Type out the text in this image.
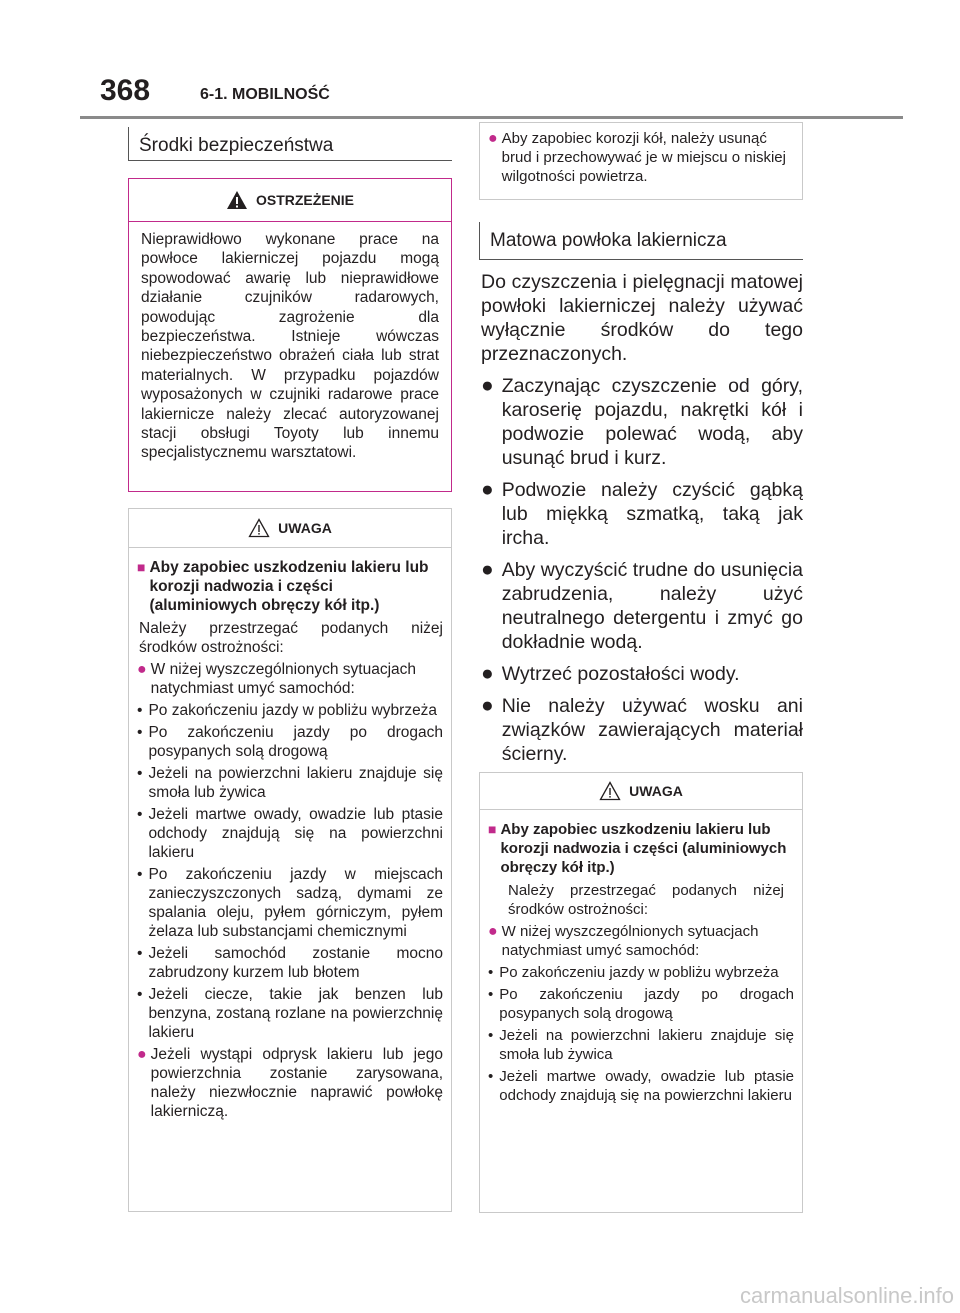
368	6-1. MOBILNOŚĆ
Środki bezpieczeństwa
OSTRZEŻENIE
Nieprawidłowo wykonane prace na powłoce lakierniczej pojazdu mogą spowodować awarię lub nieprawidłowe działanie czujników radarowych, powodując zagrożenie dla bezpieczeństwa. Istnieje wówczas niebezpieczeństwo obrażeń ciała lub strat materialnych. W przypadku pojazdów wyposażonych w czujniki radarowe prace lakiernicze należy zlecać autoryzowanej stacji obsługi Toyoty lub innemu specjalistycznemu warsztatowi.
UWAGA
■ Aby zapobiec uszkodzeniu lakieru lub korozji nadwozia i części (aluminiowych obręczy kół itp.)
Należy przestrzegać podanych niżej środków ostrożności:
● W niżej wyszczególnionych sytuacjach natychmiast umyć samochód:
• Po zakończeniu jazdy w pobliżu wybrzeża
• Po zakończeniu jazdy po drogach posypanych solą drogową
• Jeżeli na powierzchni lakieru znajduje się smoła lub żywica
• Jeżeli martwe owady, owadzie lub ptasie odchody znajdują się na powierzchni lakieru
• Po zakończeniu jazdy w miejscach zanieczyszczonych sadzą, dymami ze spalania oleju, pyłem górniczym, pyłem żelaza lub substancjami chemicznymi
• Jeżeli samochód zostanie mocno zabrudzony kurzem lub błotem
• Jeżeli ciecze, takie jak benzen lub benzyna, zostaną rozlane na powierzchnię lakieru
● Jeżeli wystąpi odprysk lakieru lub jego powierzchnia zostanie zarysowana, należy niezwłocznie naprawić powłokę lakierniczą.
● Aby zapobiec korozji kół, należy usunąć brud i przechowywać je w miejscu o niskiej wilgotności powietrza.
Matowa powłoka lakiernicza
Do czyszczenia i pielęgnacji matowej powłoki lakierniczej należy używać wyłącznie środków do tego przeznaczonych.
● Zaczynając czyszczenie od góry, karoserię pojazdu, nakrętki kół i podwozie polewać wodą, aby usunąć brud i kurz.
● Podwozie należy czyścić gąbką lub miękką szmatką, taką jak ircha.
● Aby wyczyścić trudne do usunięcia zabrudzenia, należy użyć neutralnego detergentu i zmyć go dokładnie wodą.
● Wytrzeć pozostałości wody.
● Nie należy używać wosku ani związków zawierających materiał ścierny.
UWAGA
■ Aby zapobiec uszkodzeniu lakieru lub korozji nadwozia i części (aluminiowych obręczy kół itp.)
Należy przestrzegać podanych niżej środków ostrożności:
● W niżej wyszczególnionych sytuacjach natychmiast umyć samochód:
• Po zakończeniu jazdy w pobliżu wybrzeża
• Po zakończeniu jazdy po drogach posypanych solą drogową
• Jeżeli na powierzchni lakieru znajduje się smoła lub żywica
• Jeżeli martwe owady, owadzie lub ptasie odchody znajdują się na powierzchni lakieru
carmanualsonline.info
